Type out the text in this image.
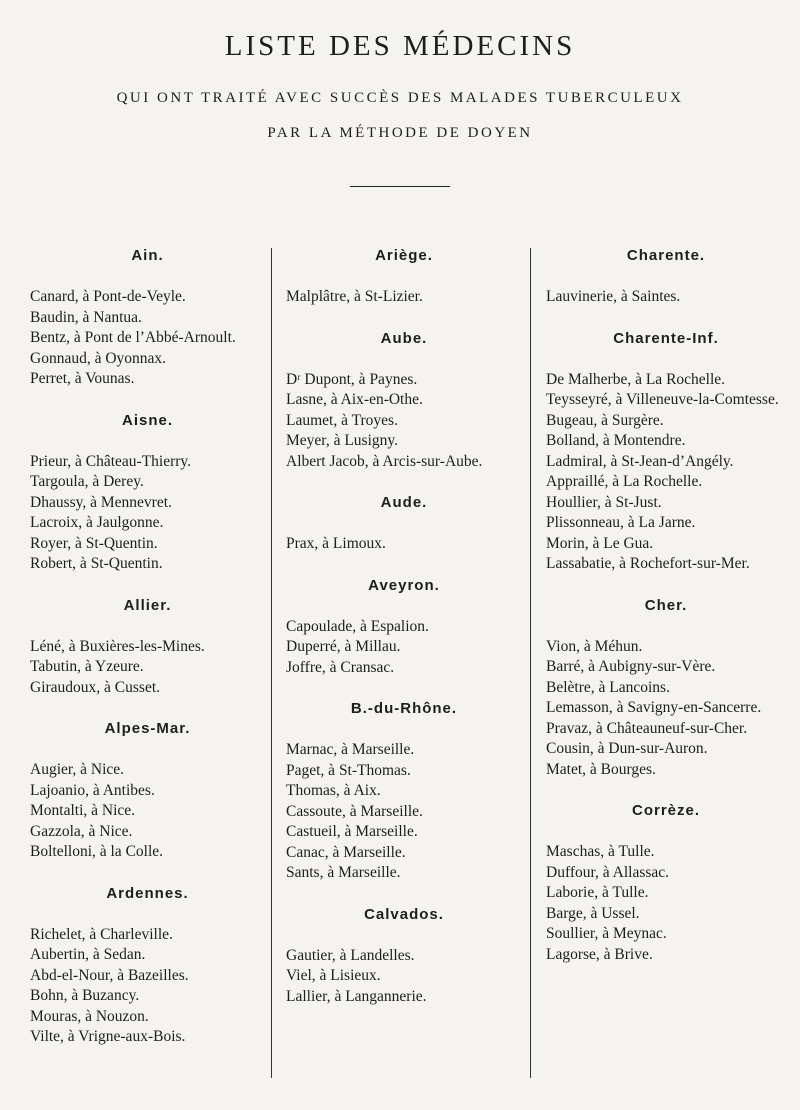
LISTE DES MÉDECINS
QUI ONT TRAITÉ AVEC SUCCÈS DES MALADES TUBERCULEUX
PAR LA MÉTHODE DE DOYEN
Ain.
Canard, à Pont-de-Veyle.
Baudin, à Nantua.
Bentz, à Pont de l’Abbé-Arnoult.
Gonnaud, à Oyonnax.
Perret, à Vounas.
Aisne.
Prieur, à Château-Thierry.
Targoula, à Derey.
Dhaussy, à Mennevret.
Lacroix, à Jaulgonne.
Royer, à St-Quentin.
Robert, à St-Quentin.
Allier.
Léné, à Buxières-les-Mines.
Tabutin, à Yzeure.
Giraudoux, à Cusset.
Alpes-Mar.
Augier, à Nice.
Lajoanio, à Antibes.
Montalti, à Nice.
Gazzola, à Nice.
Boltelloni, à la Colle.
Ardennes.
Richelet, à Charleville.
Aubertin, à Sedan.
Abd-el-Nour, à Bazeilles.
Bohn, à Buzancy.
Mouras, à Nouzon.
Vilte, à Vrigne-aux-Bois.
Ariège.
Malplâtre, à St-Lizier.
Aube.
Dʳ Dupont, à Paynes.
Lasne, à Aix-en-Othe.
Laumet, à Troyes.
Meyer, à Lusigny.
Albert Jacob, à Arcis-sur-Aube.
Aude.
Prax, à Limoux.
Aveyron.
Capoulade, à Espalion.
Duperré, à Millau.
Joffre, à Cransac.
B.-du-Rhône.
Marnac, à Marseille.
Paget, à St-Thomas.
Thomas, à Aix.
Cassoute, à Marseille.
Castueil, à Marseille.
Canac, à Marseille.
Sants, à Marseille.
Calvados.
Gautier, à Landelles.
Viel, à Lisieux.
Lallier, à Langannerie.
Charente.
Lauvinerie, à Saintes.
Charente-Inf.
De Malherbe, à La Rochelle.
Teysseyré, à Villeneuve-la-Comtesse.
Bugeau, à Surgère.
Bolland, à Montendre.
Ladmiral, à St-Jean-d’Angély.
Appraillé, à La Rochelle.
Houllier, à St-Just.
Plissonneau, à La Jarne.
Morin, à Le Gua.
Lassabatie, à Rochefort-sur-Mer.
Cher.
Vion, à Méhun.
Barré, à Aubigny-sur-Vère.
Belètre, à Lancoins.
Lemasson, à Savigny-en-Sancerre.
Pravaz, à Châteauneuf-sur-Cher.
Cousin, à Dun-sur-Auron.
Matet, à Bourges.
Corrèze.
Maschas, à Tulle.
Duffour, à Allassac.
Laborie, à Tulle.
Barge, à Ussel.
Soullier, à Meynac.
Lagorse, à Brive.
